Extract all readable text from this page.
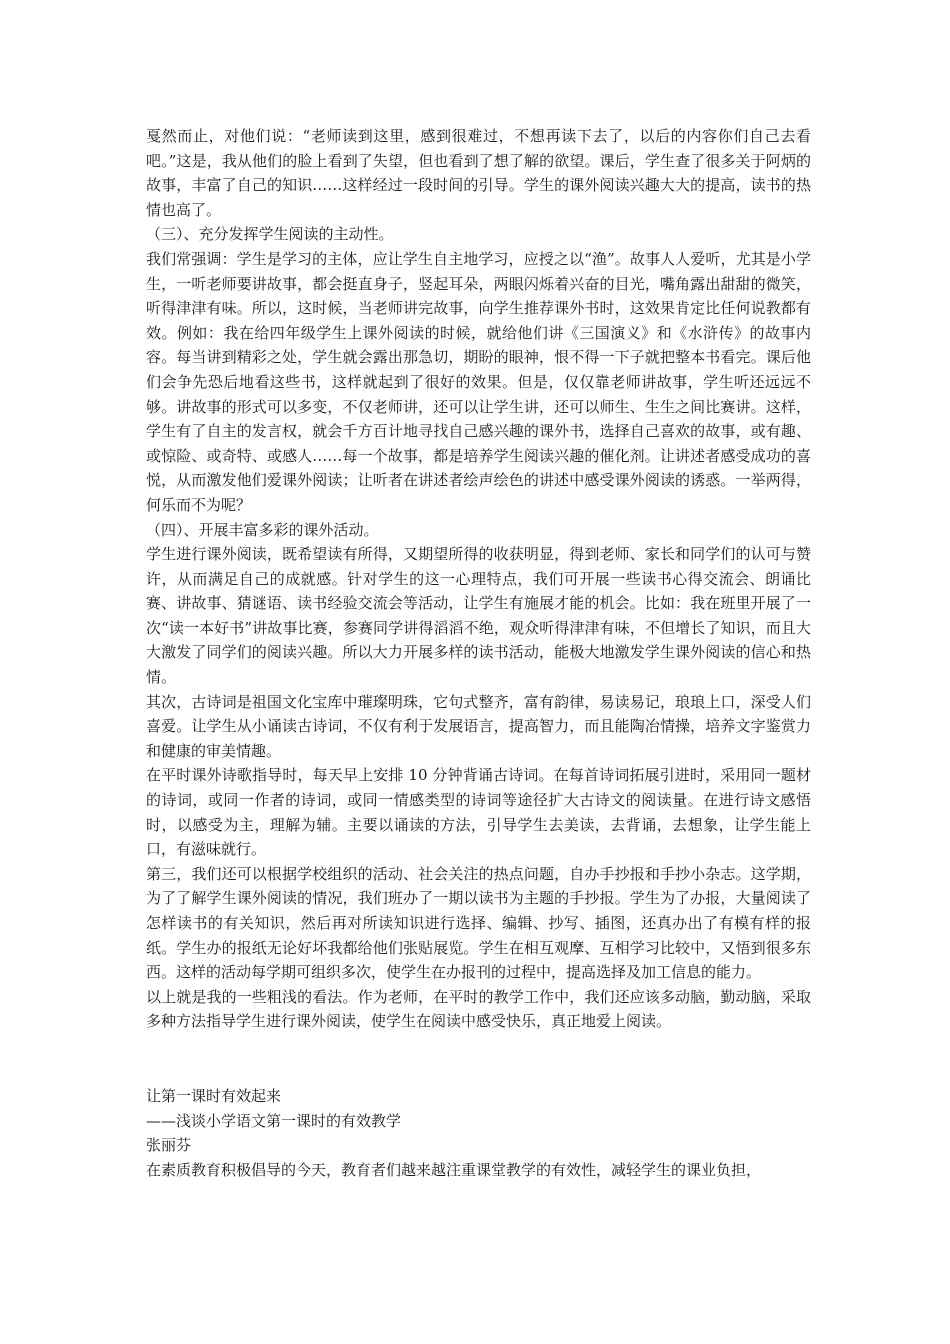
戛然而止，对他们说：“老师读到这里，感到很难过，不想再读下去了，以后的内容你们自己去看吧。”这是，我从他们的脸上看到了失望，但也看到了想了解的欲望。课后，学生查了很多关于阿炳的故事，丰富了自己的知识……这样经过一段时间的引导。学生的课外阅读兴趣大大的提高，读书的热情也高了。

（三）、充分发挥学生阅读的主动性。

我们常强调：学生是学习的主体，应让学生自主地学习，应授之以“渔”。故事人人爱听，尤其是小学生，一听老师要讲故事，都会挺直身子，竖起耳朵，两眼闪烁着兴奋的目光，嘴角露出甜甜的微笑，听得津津有味。所以，这时候，当老师讲完故事，向学生推荐课外书时，这效果肯定比任何说教都有效。例如：我在给四年级学生上课外阅读的时候，就给他们讲《三国演义》和《水浒传》的故事内容。每当讲到精彩之处，学生就会露出那急切，期盼的眼神，恨不得一下子就把整本书看完。课后他们会争先恐后地看这些书，这样就起到了很好的效果。但是，仅仅靠老师讲故事，学生听还远远不够。讲故事的形式可以多变，不仅老师讲，还可以让学生讲，还可以师生、生生之间比赛讲。这样，学生有了自主的发言权，就会千方百计地寻找自己感兴趣的课外书，选择自己喜欢的故事，或有趣、或惊险、或奇特、或感人……每一个故事，都是培养学生阅读兴趣的催化剂。让讲述者感受成功的喜悦，从而激发他们爱课外阅读；让听者在讲述者绘声绘色的讲述中感受课外阅读的诱惑。一举两得，何乐而不为呢？

（四）、开展丰富多彩的课外活动。

学生进行课外阅读，既希望读有所得，又期望所得的收获明显，得到老师、家长和同学们的认可与赞许，从而满足自己的成就感。针对学生的这一心理特点，我们可开展一些读书心得交流会、朗诵比赛、讲故事、猜谜语、读书经验交流会等活动，让学生有施展才能的机会。比如：我在班里开展了一次“读一本好书”讲故事比赛，参赛同学讲得滔滔不绝，观众听得津津有味，不但增长了知识，而且大大激发了同学们的阅读兴趣。所以大力开展多样的读书活动，能极大地激发学生课外阅读的信心和热情。

其次，古诗词是祖国文化宝库中璀璨明珠，它句式整齐，富有韵律，易读易记，琅琅上口，深受人们喜爱。让学生从小诵读古诗词，不仅有利于发展语言，提高智力，而且能陶冶情操，培养文字鉴赏力和健康的审美情趣。

在平时课外诗歌指导时，每天早上安排 10 分钟背诵古诗词。在每首诗词拓展引进时，采用同一题材的诗词，或同一作者的诗词，或同一情感类型的诗词等途径扩大古诗文的阅读量。在进行诗文感悟时，以感受为主，理解为辅。主要以诵读的方法，引导学生去美读，去背诵，去想象，让学生能上口，有滋味就行。

第三，我们还可以根据学校组织的活动、社会关注的热点问题，自办手抄报和手抄小杂志。这学期，为了了解学生课外阅读的情况，我们班办了一期以读书为主题的手抄报。学生为了办报，大量阅读了怎样读书的有关知识，然后再对所读知识进行选择、编辑、抄写、插图，还真办出了有模有样的报纸。学生办的报纸无论好坏我都给他们张贴展览。学生在相互观摩、互相学习比较中，又悟到很多东西。这样的活动每学期可组织多次，使学生在办报刊的过程中，提高选择及加工信息的能力。

以上就是我的一些粗浅的看法。作为老师，在平时的教学工作中，我们还应该多动脑，勤动脑，采取多种方法指导学生进行课外阅读，使学生在阅读中感受快乐，真正地爱上阅读。

让第一课时有效起来

——浅谈小学语文第一课时的有效教学

张丽芬

在素质教育积极倡导的今天，教育者们越来越注重课堂教学的有效性，减轻学生的课业负担，
